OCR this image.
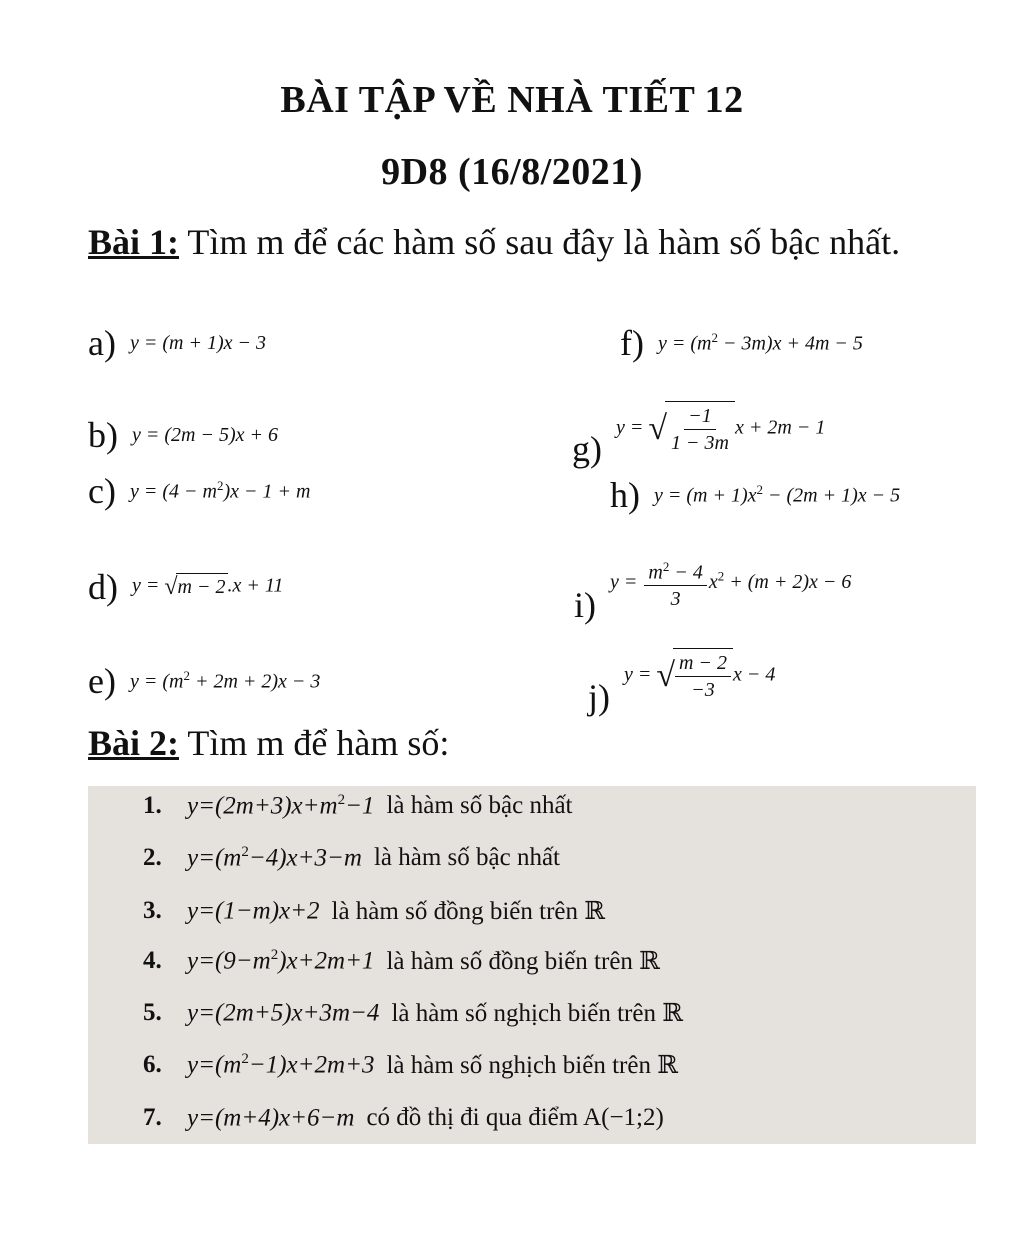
BÀI TẬP VỀ NHÀ TIẾT 12
9D8 (16/8/2021)
Bài 1: Tìm m để các hàm số sau đây là hàm số bậc nhất.
a) y = (m + 1)x − 3
b) y = (2m − 5)x + 6
c) $y = (4 - m^2)x - 1 + m$
d) y = √ m − 2 .x + 11
e) $y = (m^2 + 2m + 2)x - 3$
f) $y = (m^2 - 3m)x + 4m - 5$
g)
y = √ $\frac{-1}{1 - 3m}$ x + 2m − 1
h) $y = (m + 1)x^2 - (2m + 1)x - 5$
i)
$y = \frac{m^2 - 4}{3} x^2 + (m + 2)x - 6$
j)
y = √ $\frac{m - 2}{-3}$ x − 4
Bài 2: Tìm m để hàm số:
1.	$y=(2m+3)x+m^2-1$ là hàm số bậc nhất
2.	$y=(m^2-4)x+3-m$ là hàm số bậc nhất
3.	y=(1−m)x+2 là hàm số đồng biến trên ℝ
4.	$y=(9-m^2)x+2m+1$ là hàm số đồng biến trên ℝ
5.	y=(2m+5)x+3m−4 là hàm số nghịch biến trên ℝ
6.	$y=(m^2-1)x+2m+3$ là hàm số nghịch biến trên ℝ
7.	y=(m+4)x+6−m có đồ thị đi qua điểm A(−1;2)
